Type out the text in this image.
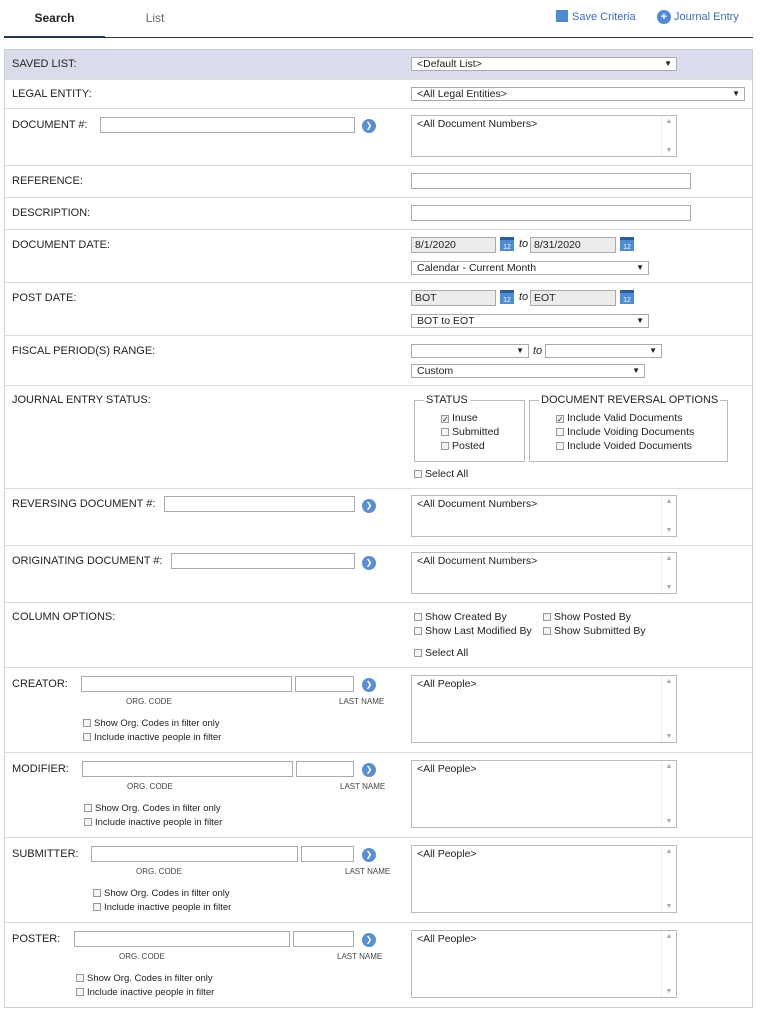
Search	List	Save Criteria	+ Journal Entry
SAVED LIST:	<Default List> ▼
LEGAL ENTITY:	<All Legal Entities> ▼
DOCUMENT #:	❯	<All Document Numbers>	▲
▼
REFERENCE:
DESCRIPTION:
DOCUMENT DATE:	8/1/2020	12 to 8/31/2020	12
Calendar - Current Month ▼
POST DATE:	BOT	12 to EOT	12
BOT to EOT ▼
FISCAL PERIOD(S) RANGE:
▼	to
▼
Custom ▼
JOURNAL ENTRY STATUS:	STATUS
✓ Inuse
Submitted
Posted
DOCUMENT REVERSAL OPTIONS
✓ Include Valid Documents
Include Voiding Documents
Include Voided Documents
Select All
REVERSING DOCUMENT #:	❯	<All Document Numbers>	▲
▼
ORIGINATING DOCUMENT #:	❯	<All Document Numbers>	▲
▼
COLUMN OPTIONS:	Show Created By	Show Posted By
Show Last Modified By	Show Submitted By
Select All
CREATOR:
ORG. CODE	LAST NAME
❯
Show Org. Codes in filter only
Include inactive people in filter
<All People>	▲
▼
MODIFIER:
ORG. CODE	LAST NAME
❯
Show Org. Codes in filter only
Include inactive people in filter
<All People>	▲
▼
SUBMITTER:
ORG. CODE	LAST NAME
❯
Show Org. Codes in filter only
Include inactive people in filter
<All People>	▲
▼
POSTER:
ORG. CODE	LAST NAME
❯
Show Org. Codes in filter only
Include inactive people in filter
<All People>	▲
▼
